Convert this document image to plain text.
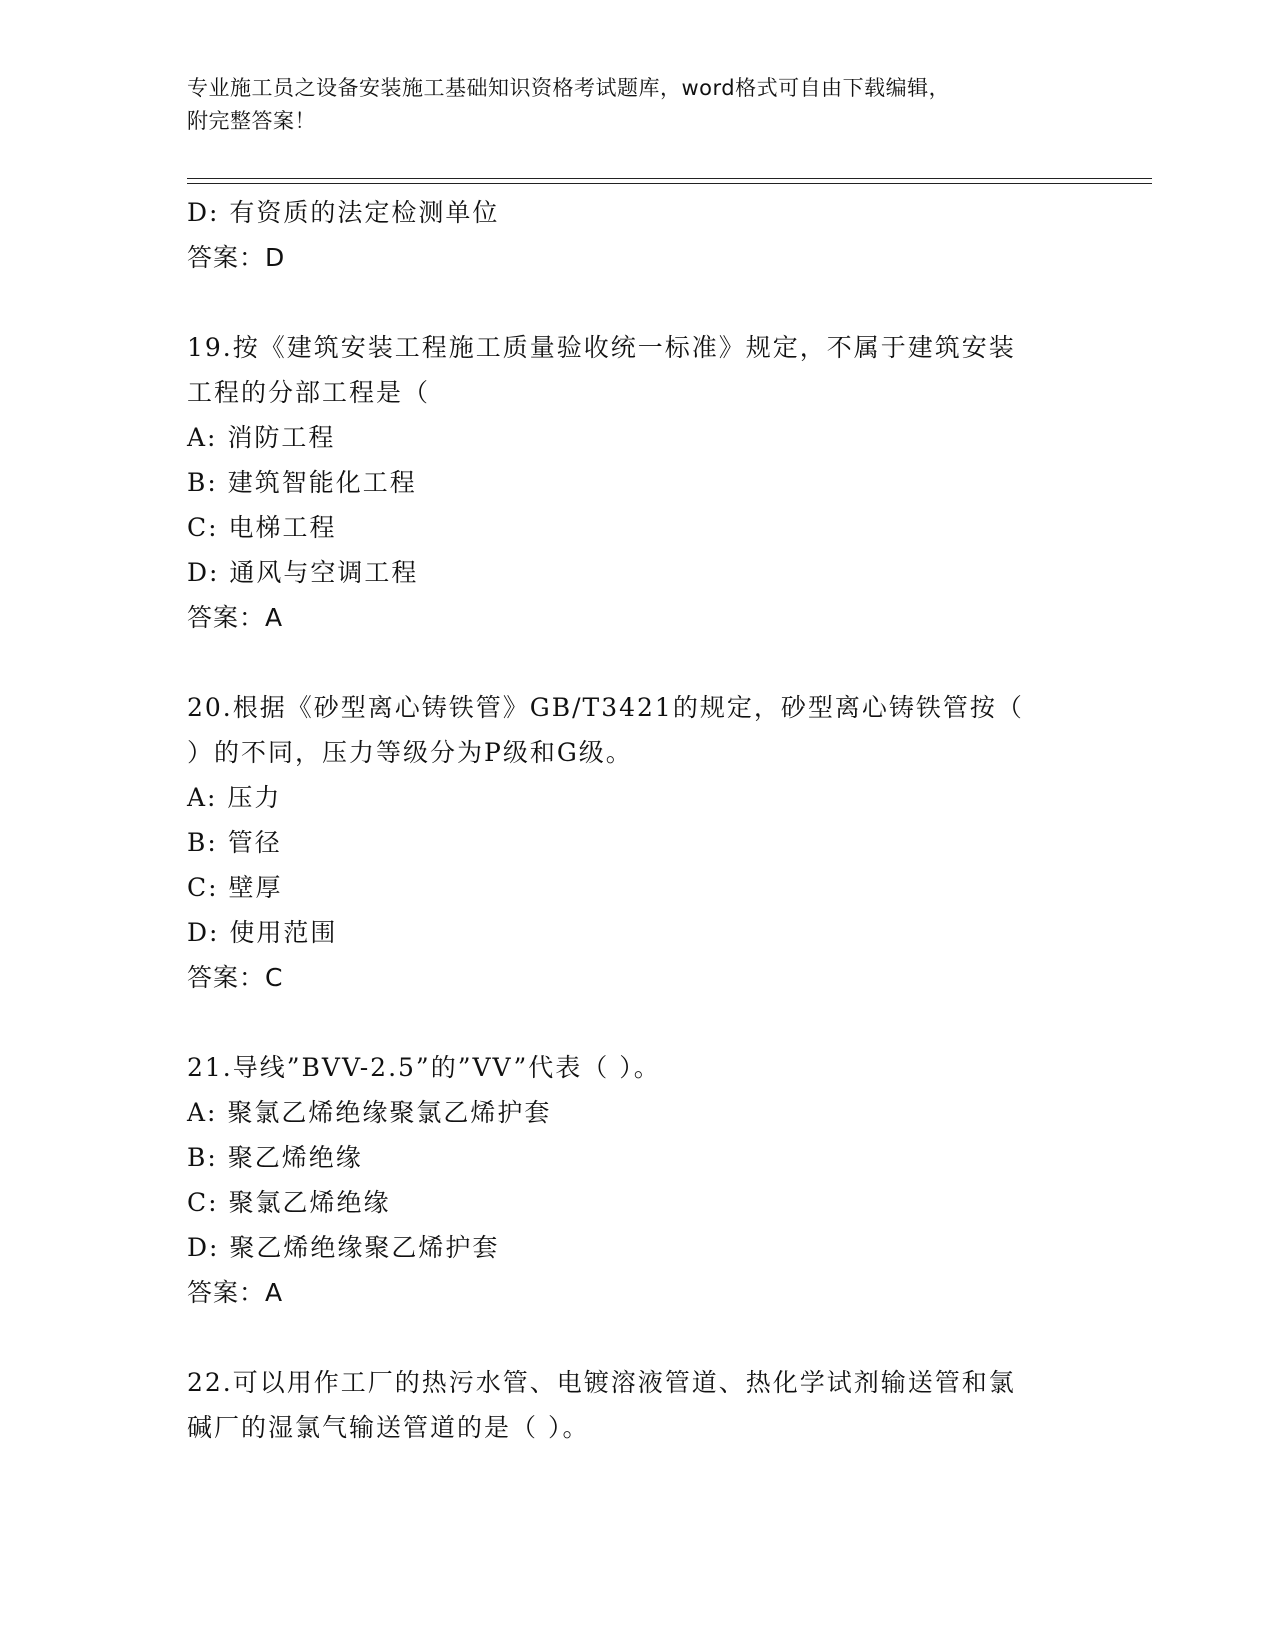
专业施工员之设备安装施工基础知识资格考试题库，word格式可自由下载编辑，
附完整答案！
D: 有资质的法定检测单位
答案：D
19.按《建筑安装工程施工质量验收统一标准》规定，不属于建筑安装
工程的分部工程是（
A: 消防工程
B: 建筑智能化工程
C: 电梯工程
D: 通风与空调工程
答案：A
20.根据《砂型离心铸铁管》GB/T3421的规定，砂型离心铸铁管按（
）的不同，压力等级分为P级和G级。
A: 压力
B: 管径
C: 壁厚
D: 使用范围
答案：C
21.导线”BVV-2.5”的”VV”代表（ ）。
A: 聚氯乙烯绝缘聚氯乙烯护套
B: 聚乙烯绝缘
C: 聚氯乙烯绝缘
D: 聚乙烯绝缘聚乙烯护套
答案：A
22.可以用作工厂的热污水管、电镀溶液管道、热化学试剂输送管和氯
碱厂的湿氯气输送管道的是（ ）。
